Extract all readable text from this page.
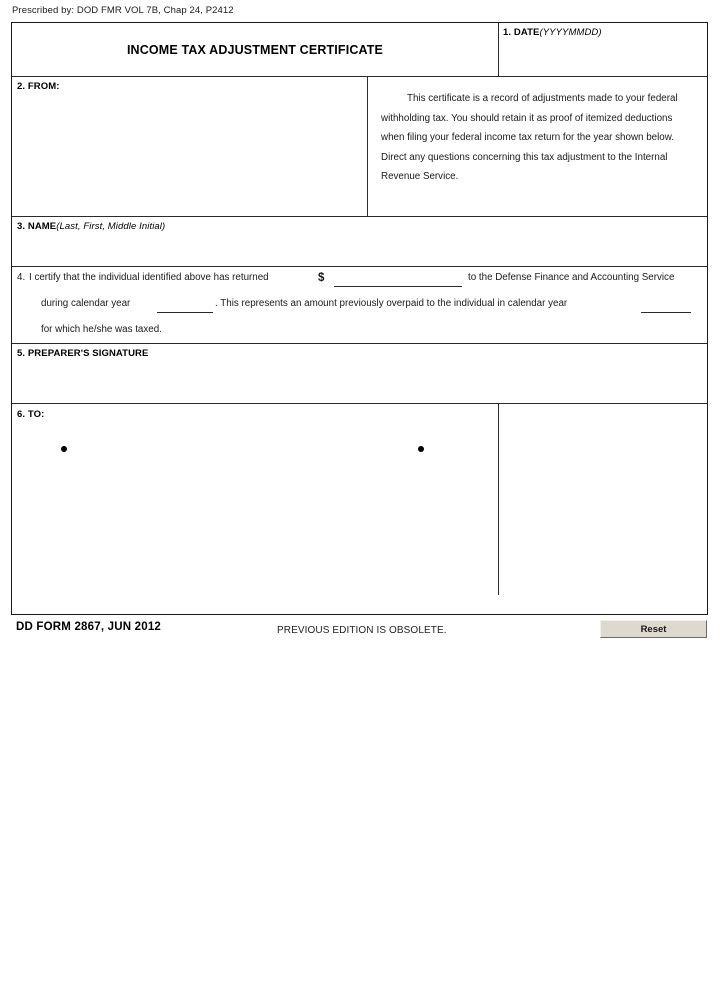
Prescribed by: DOD FMR VOL 7B, Chap 24, P2412
INCOME TAX ADJUSTMENT CERTIFICATE
1. DATE(YYYYMMDD)
2. FROM:
This certificate is a record of adjustments made to your federal withholding tax. You should retain it as proof of itemized deductions when filing your federal income tax return for the year shown below. Direct any questions concerning this tax adjustment to the Internal Revenue Service.
3. NAME(Last, First, Middle Initial)
4. I certify that the individual identified above has returned	$	to the Defense Finance and Accounting Service
during calendar year	. This represents an amount previously overpaid to the individual in calendar year
for which he/she was taxed.
5. PREPARER'S SIGNATURE
6. TO:
DD FORM 2867, JUN 2012	PREVIOUS EDITION IS OBSOLETE.	Reset
